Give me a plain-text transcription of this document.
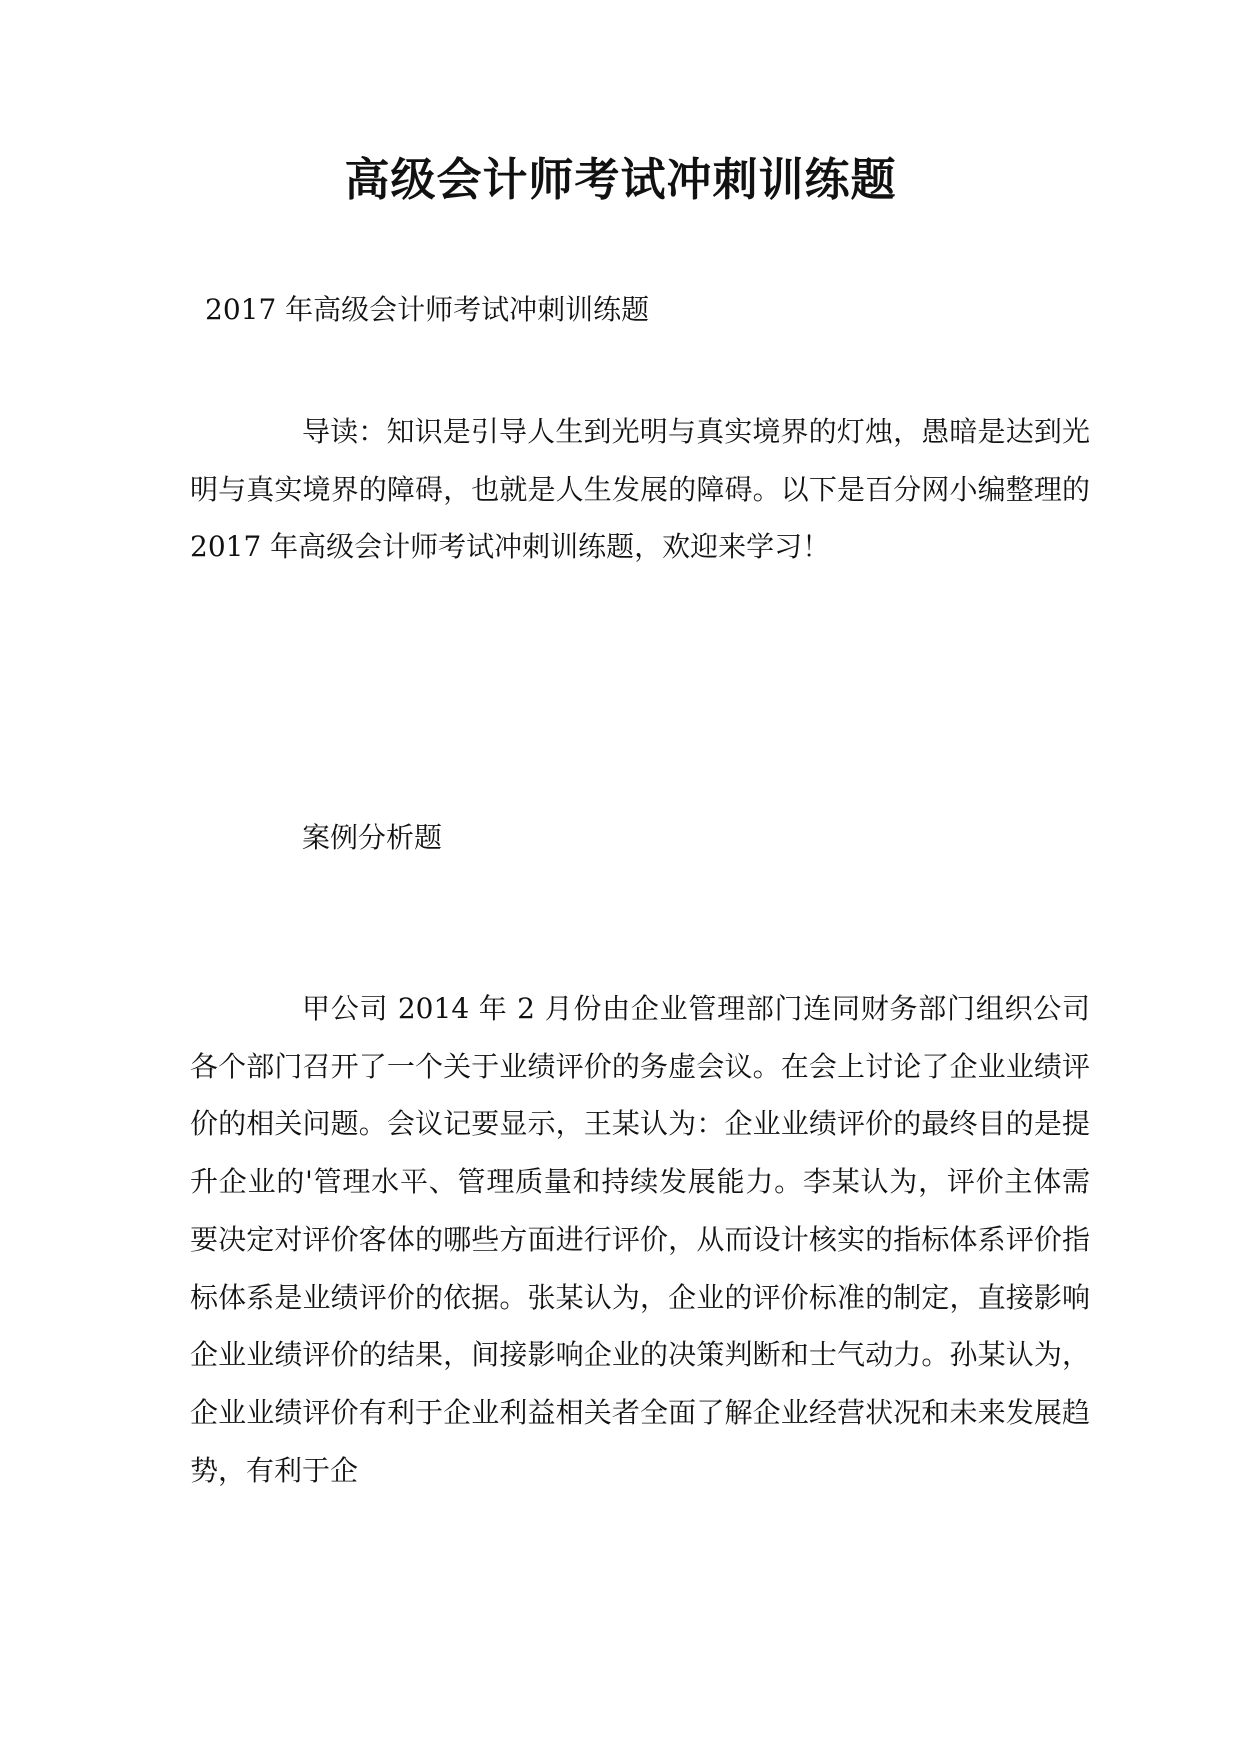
高级会计师考试冲刺训练题
2017 年高级会计师考试冲刺训练题

导读：知识是引导人生到光明与真实境界的灯烛，愚暗是达到光明与真实境界的障碍，也就是人生发展的障碍。以下是百分网小编整理的 2017 年高级会计师考试冲刺训练题，欢迎来学习！

案例分析题

甲公司 2014 年 2 月份由企业管理部门连同财务部门组织公司各个部门召开了一个关于业绩评价的务虚会议。在会上讨论了企业业绩评价的相关问题。会议记要显示，王某认为：企业业绩评价的最终目的是提升企业的'管理水平、管理质量和持续发展能力。李某认为，评价主体需要决定对评价客体的哪些方面进行评价，从而设计核实的指标体系评价指标体系是业绩评价的依据。张某认为，企业的评价标准的制定，直接影响企业业绩评价的结果，间接影响企业的决策判断和士气动力。孙某认为，企业业绩评价有利于企业利益相关者全面了解企业经营状况和未来发展趋势，有利于企
